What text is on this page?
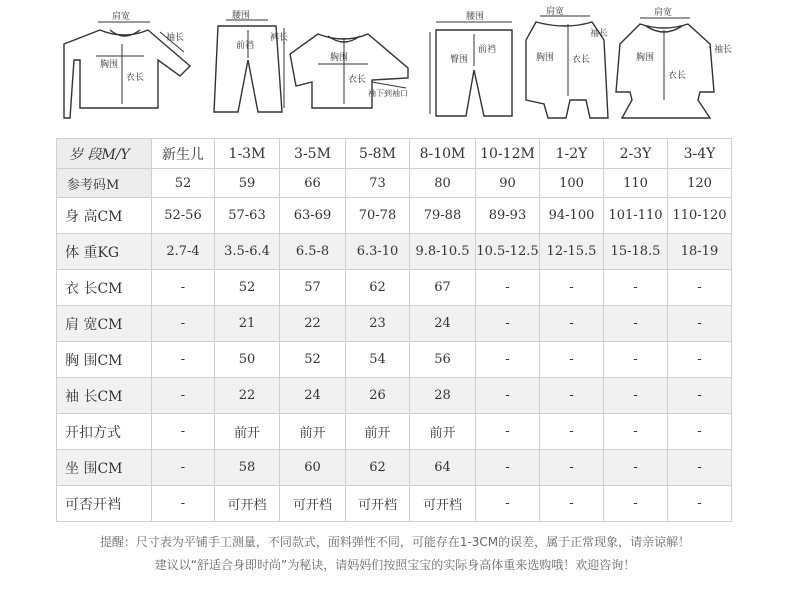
肩宽
袖长
胸围
衣长
腰围
裤长
前裆
胸围
衣长
袖下到袖口
腰围
臀围
前裆
肩宽
胸围 衣长
袖长
肩宽
胸围
衣长
袖长
岁 段M/Y	新生儿	1-3M	3-5M	5-8M	8-10M	10-12M	1-2Y	2-3Y	3-4Y
参考码M	52	59	66	73	80	90	100	110	120
身 高CM	52-56	57-63	63-69	70-78	79-88	89-93	94-100	101-110	110-120
体 重KG	2.7-4	3.5-6.4	6.5-8	6.3-10	9.8-10.5	10.5-12.5	12-15.5	15-18.5	18-19
衣 长CM	-	52	57	62	67	-	-	-	-
肩 宽CM	-	21	22	23	24	-	-	-	-
胸 围CM	-	50	52	54	56	-	-	-	-
袖 长CM	-	22	24	26	28	-	-	-	-
开扣方式	-	前开	前开	前开	前开	-	-	-	-
坐 围CM	-	58	60	62	64	-	-	-	-
可否开裆	-	可开档	可开档	可开档	可开档	-	-	-	-
提醒：尺寸表为平铺手工测量，不同款式，面料弹性不同，可能存在1-3CM的误差，属于正常现象，请亲谅解！
建议以“舒适合身即时尚”为秘诀，请妈妈们按照宝宝的实际身高体重来选购哦！欢迎咨询！
